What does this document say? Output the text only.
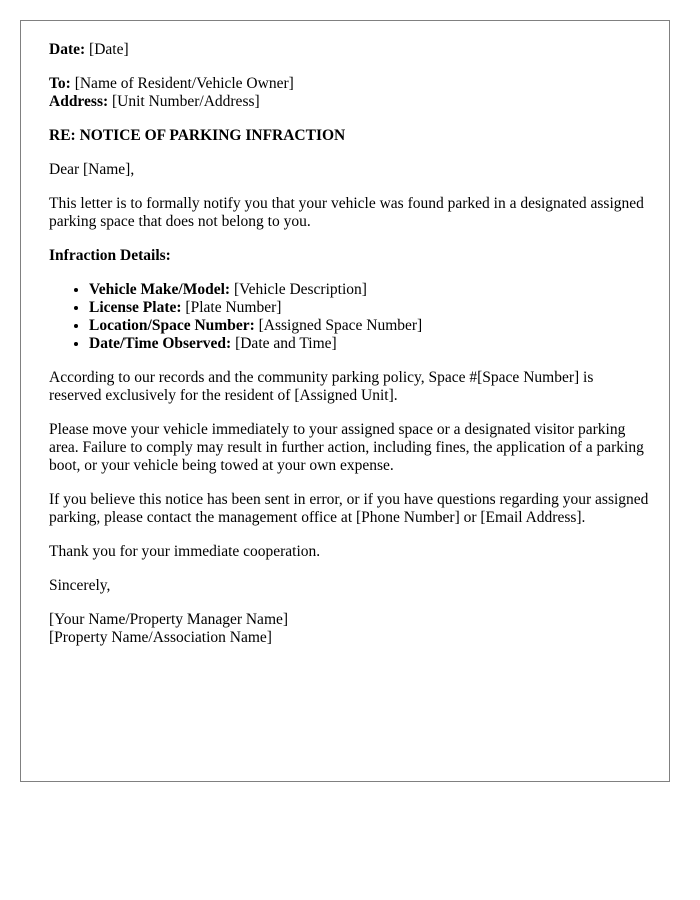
Date: [Date]

To: [Name of Resident/Vehicle Owner]

Address: [Unit Number/Address]

RE: NOTICE OF PARKING INFRACTION

Dear [Name],

This letter is to formally notify you that your vehicle was found parked in a designated assigned parking space that does not belong to you.

Infraction Details:

• Vehicle Make/Model: [Vehicle Description]
• License Plate: [Plate Number]
• Location/Space Number: [Assigned Space Number]
• Date/Time Observed: [Date and Time]

According to our records and the community parking policy, Space #[Space Number] is reserved exclusively for the resident of [Assigned Unit].

Please move your vehicle immediately to your assigned space or a designated visitor parking area. Failure to comply may result in further action, including fines, the application of a parking boot, or your vehicle being towed at your own expense.

If you believe this notice has been sent in error, or if you have questions regarding your assigned parking, please contact the management office at [Phone Number] or [Email Address].

Thank you for your immediate cooperation.

Sincerely,

[Your Name/Property Manager Name]

[Property Name/Association Name]
